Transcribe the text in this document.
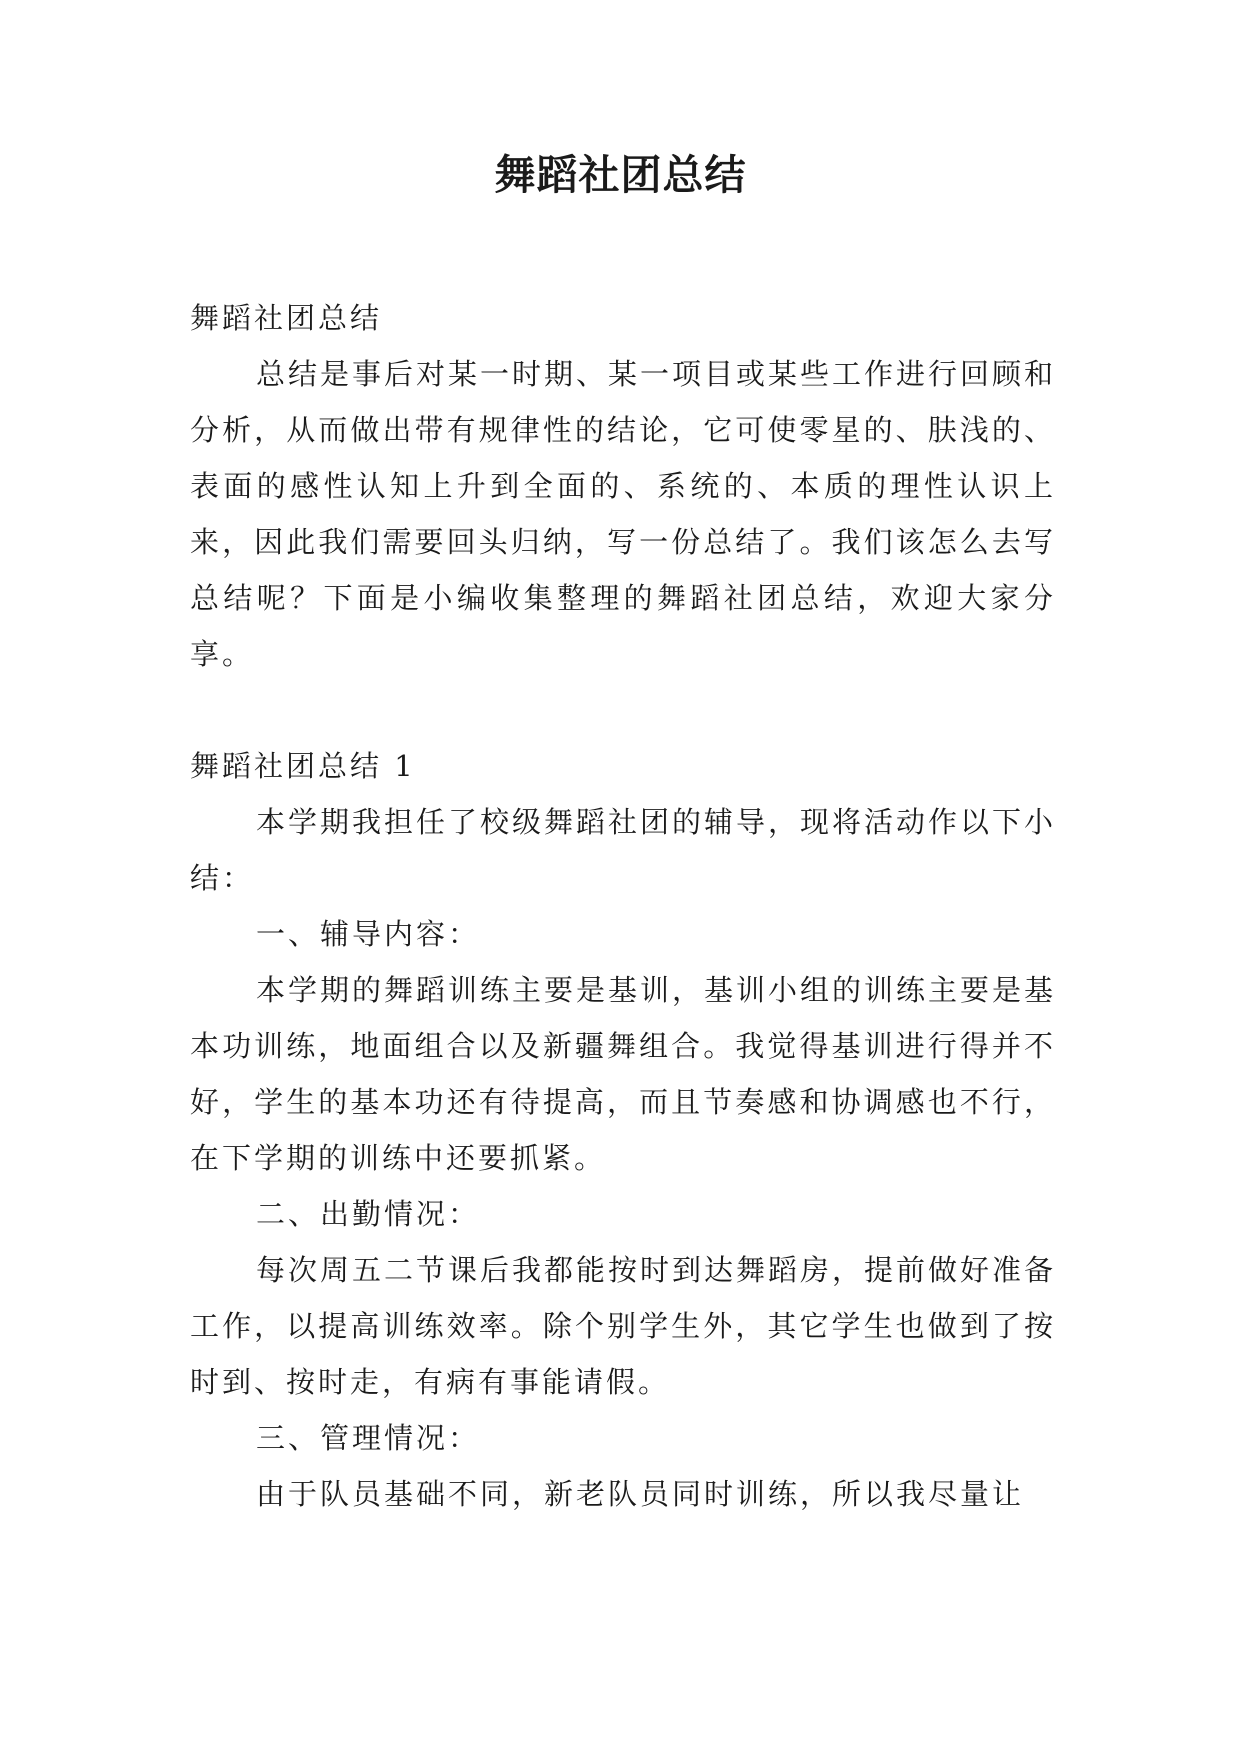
舞蹈社团总结

舞蹈社团总结

总结是事后对某一时期、某一项目或某些工作进行回顾和分析，从而做出带有规律性的结论，它可使零星的、肤浅的、表面的感性认知上升到全面的、系统的、本质的理性认识上来，因此我们需要回头归纳，写一份总结了。我们该怎么去写总结呢？下面是小编收集整理的舞蹈社团总结，欢迎大家分享。

舞蹈社团总结 1

本学期我担任了校级舞蹈社团的辅导，现将活动作以下小结：

一、辅导内容：

本学期的舞蹈训练主要是基训，基训小组的训练主要是基本功训练，地面组合以及新疆舞组合。我觉得基训进行得并不好，学生的基本功还有待提高，而且节奏感和协调感也不行，在下学期的训练中还要抓紧。

二、出勤情况：

每次周五二节课后我都能按时到达舞蹈房，提前做好准备工作，以提高训练效率。除个别学生外，其它学生也做到了按时到、按时走，有病有事能请假。

三、管理情况：

由于队员基础不同，新老队员同时训练，所以我尽量让
